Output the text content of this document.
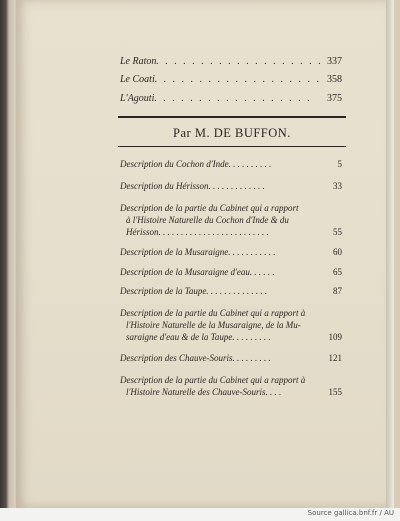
Le Raton. . . . . . . . . . . . . . . . . . . 337
Le Coati. . . . . . . . . . . . . . . . . . . 358
L'Agouti. . . . . . . . . . . . . . . . . . 375
Par M. DE BUFFON.
5
Description du Cochon d'Inde. . . . . . . . . .
33
Description du Hérisson. . . . . . . . . . . . .
Description de la partie du Cabinet qui a rapport
à l'Histoire Naturelle du Cochon d'Inde & du
55
Hérisson. . . . . . . . . . . . . . . . . . . . . . . . .
60
Description de la Musaraigne. . . . . . . . . . .
65
Description de la Musaraigne d'eau. . . . . .
87
Description de la Taupe. . . . . . . . . . . . . .
Description de la partie du Cabinet qui a rapport à
l'Histoire Naturelle de la Musaraigne, de la Mu-
109
saraigne d'eau & de la Taupe. . . . . . . . .
121
Description des Chauve-Souris. . . . . . . . .
Description de la partie du Cabinet qui a rapport à
155
l'Histoire Naturelle des Chauve-Souris. . . .
Source gallica.bnf.fr / AU
